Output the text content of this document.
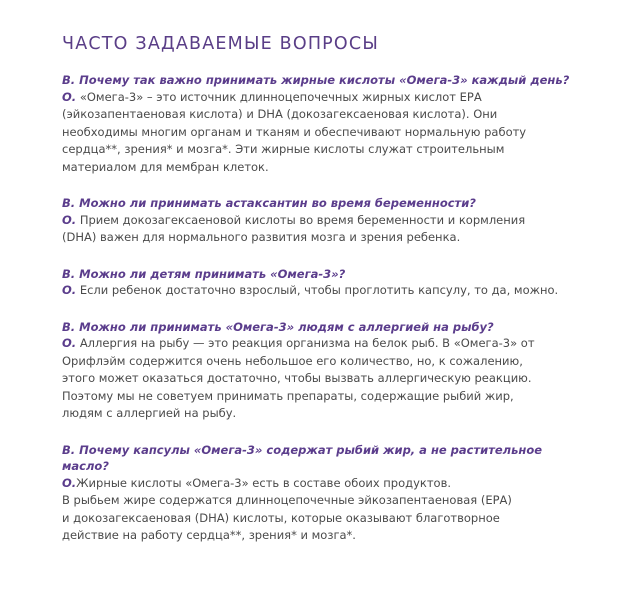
ЧАСТО ЗАДАВАЕМЫЕ ВОПРОСЫ

В. Почему так важно принимать жирные кислоты «Омега-3» каждый день?

О. «Омега-3» – это источник длинноцепочечных жирных кислот ЕРА
(эйкозапентаеновая кислота) и DHA (докозагексаеновая кислота). Они
необходимы многим органам и тканям и обеспечивают нормальную работу
сердца**, зрения* и мозга*. Эти жирные кислоты служат строительным
материалом для мембран клеток.

В. Можно ли принимать астаксантин во время беременности?

О. Прием докозагексаеновой кислоты во время беременности и кормления
(DHA) важен для нормального развития мозга и зрения ребенка.

В. Можно ли детям принимать «Омега-3»?

О. Если ребенок достаточно взрослый, чтобы проглотить капсулу, то да, можно.

В. Можно ли принимать «Омега-3» людям с аллергией на рыбу?

О. Аллергия на рыбу — это реакция организма на белок рыб. В «Омега-3» от
Орифлэйм содержится очень небольшое его количество, но, к сожалению,
этого может оказаться достаточно, чтобы вызвать аллергическую реакцию.
Поэтому мы не советуем принимать препараты, содержащие рыбий жир,
людям с аллергией на рыбу.

В. Почему капсулы «Омега-3» содержат рыбий жир, а не растительное
масло?

О.Жирные кислоты «Омега-3» есть в составе обоих продуктов.
В рыбьем жире содержатся длинноцепочечные эйкозапентаеновая (ЕРА)
и докозагексаеновая (DHA) кислоты, которые оказывают благотворное
действие на работу сердца**, зрения* и мозга*.
